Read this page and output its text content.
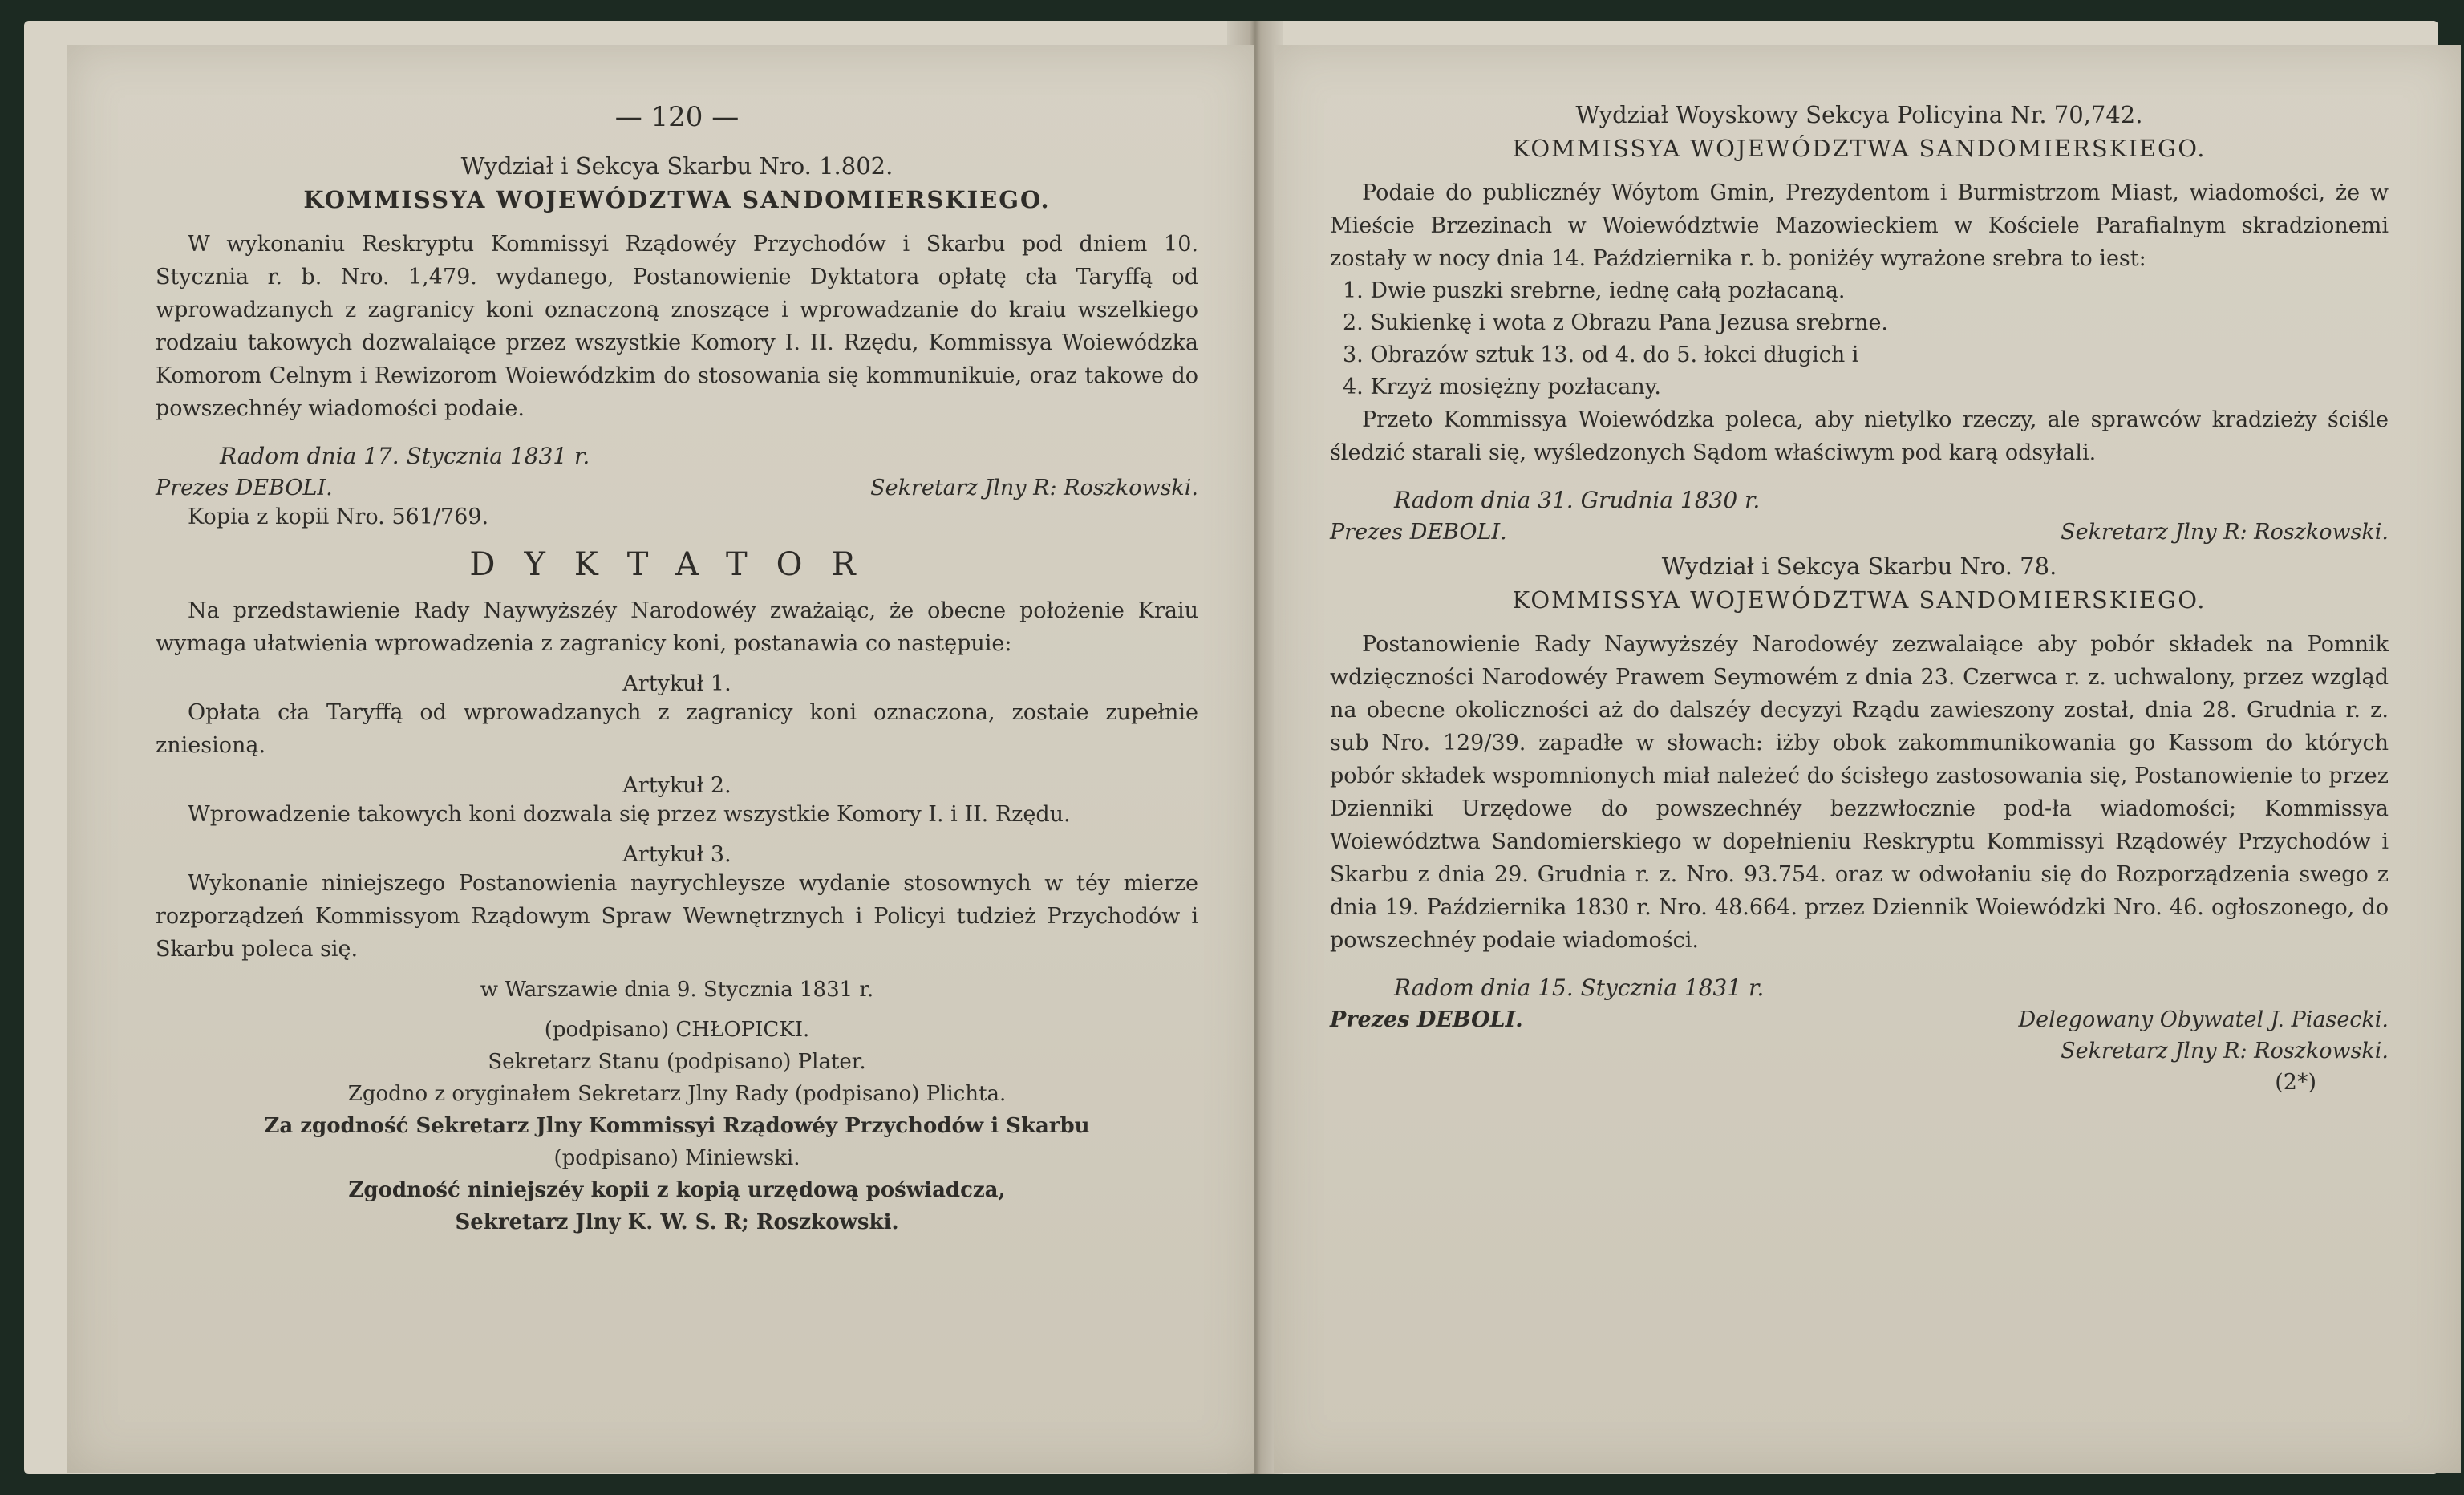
— 120 —

Wydział i Sekcya Skarbu Nro. 1.802.

KOMMISSYA WOJEWÓDZTWA SANDOMIERSKIEGO.

W wykonaniu Reskryptu Kommissyi Rządowéy Przychodów i Skarbu pod dniem 10. Stycznia r. b. Nro. 1,479. wydanego, Postanowienie Dyktatora opłatę cła Taryffą od wprowadzanych z zagranicy koni oznaczoną znoszące i wprowadzanie do kraiu wszelkiego rodzaiu takowych dozwalaiące przez wszystkie Komory I. II. Rzędu, Kommissya Woiewódzka Komorom Celnym i Rewizorom Woiewódzkim do stosowania się kommunikuie, oraz takowe do powszechnéy wiadomości podaie.

Radom dnia 17. Stycznia 1831 r.

Prezes DEBOLI.	Sekretarz Jlny R: Roszkowski.

Kopia z kopii Nro. 561/769.

DYKTATOR

Na przedstawienie Rady Naywyższéy Narodowéy zważaiąc, że obecne położenie Kraiu wymaga ułatwienia wprowadzenia z zagranicy koni, postanawia co następuie:

Artykuł 1.

Opłata cła Taryffą od wprowadzanych z zagranicy koni oznaczona, zostaie zupełnie zniesioną.

Artykuł 2.

Wprowadzenie takowych koni dozwala się przez wszystkie Komory I. i II. Rzędu.

Artykuł 3.

Wykonanie niniejszego Postanowienia nayrychleysze wydanie stosownych w téy mierze rozporządzeń Kommissyom Rządowym Spraw Wewnętrznych i Policyi tudzież Przychodów i Skarbu poleca się.

w Warszawie dnia 9. Stycznia 1831 r.

(podpisano) CHŁOPICKI.

Sekretarz Stanu (podpisano) Plater.

Zgodno z oryginałem Sekretarz Jlny Rady (podpisano) Plichta.

Za zgodność Sekretarz Jlny Kommissyi Rządowéy Przychodów i Skarbu

(podpisano) Miniewski.

Zgodność niniejszéy kopii z kopią urzędową poświadcza,

Sekretarz Jlny K. W. S. R; Roszkowski.

Wydział Woyskowy Sekcya Policyina Nr. 70,742.

KOMMISSYA WOJEWÓDZTWA SANDOMIERSKIEGO.

Podaie do publicznéy Wóytom Gmin, Prezydentom i Burmistrzom Miast, wiadomości, że w Mieście Brzezinach w Woiewództwie Mazowieckiem w Kościele Parafialnym skradzionemi zostały w nocy dnia 14. Października r. b. poniżéy wyrażone srebra to iest:

1. Dwie puszki srebrne, iednę całą pozłacaną.

2. Sukienkę i wota z Obrazu Pana Jezusa srebrne.

3. Obrazów sztuk 13. od 4. do 5. łokci długich i

4. Krzyż mosiężny pozłacany.

Przeto Kommissya Woiewódzka poleca, aby nietylko rzeczy, ale sprawców kradzieży ściśle śledzić starali się, wyśledzonych Sądom właściwym pod karą odsyłali.

Radom dnia 31. Grudnia 1830 r.

Prezes DEBOLI.	Sekretarz Jlny R: Roszkowski.

Wydział i Sekcya Skarbu Nro. 78.

KOMMISSYA WOJEWÓDZTWA SANDOMIERSKIEGO.

Postanowienie Rady Naywyższéy Narodowéy zezwalaiące aby pobór składek na Pomnik wdzięczności Narodowéy Prawem Seymowém z dnia 23. Czerwca r. z. uchwalony, przez wzgląd na obecne okoliczności aż do dalszéy decyzyi Rządu zawieszony został, dnia 28. Grudnia r. z. sub Nro. 129/39. zapadłe w słowach: iżby obok zakommunikowania go Kassom do których pobór składek wspomnionych miał należeć do ścisłego zastosowania się, Postanowienie to przez Dzienniki Urzędowe do powszechnéy bezzwłocznie pod-ła wiadomości; Kommissya Woiewództwa Sandomierskiego w dopełnieniu Reskryptu Kommissyi Rządowéy Przychodów i Skarbu z dnia 29. Grudnia r. z. Nro. 93.754. oraz w odwołaniu się do Rozporządzenia swego z dnia 19. Października 1830 r. Nro. 48.664. przez Dziennik Woiewódzki Nro. 46. ogłoszonego, do powszechnéy podaie wiadomości.

Radom dnia 15. Stycznia 1831 r.

Prezes DEBOLI.	Delegowany Obywatel J. Piasecki.
Sekretarz Jlny R: Roszkowski.
(2*)
